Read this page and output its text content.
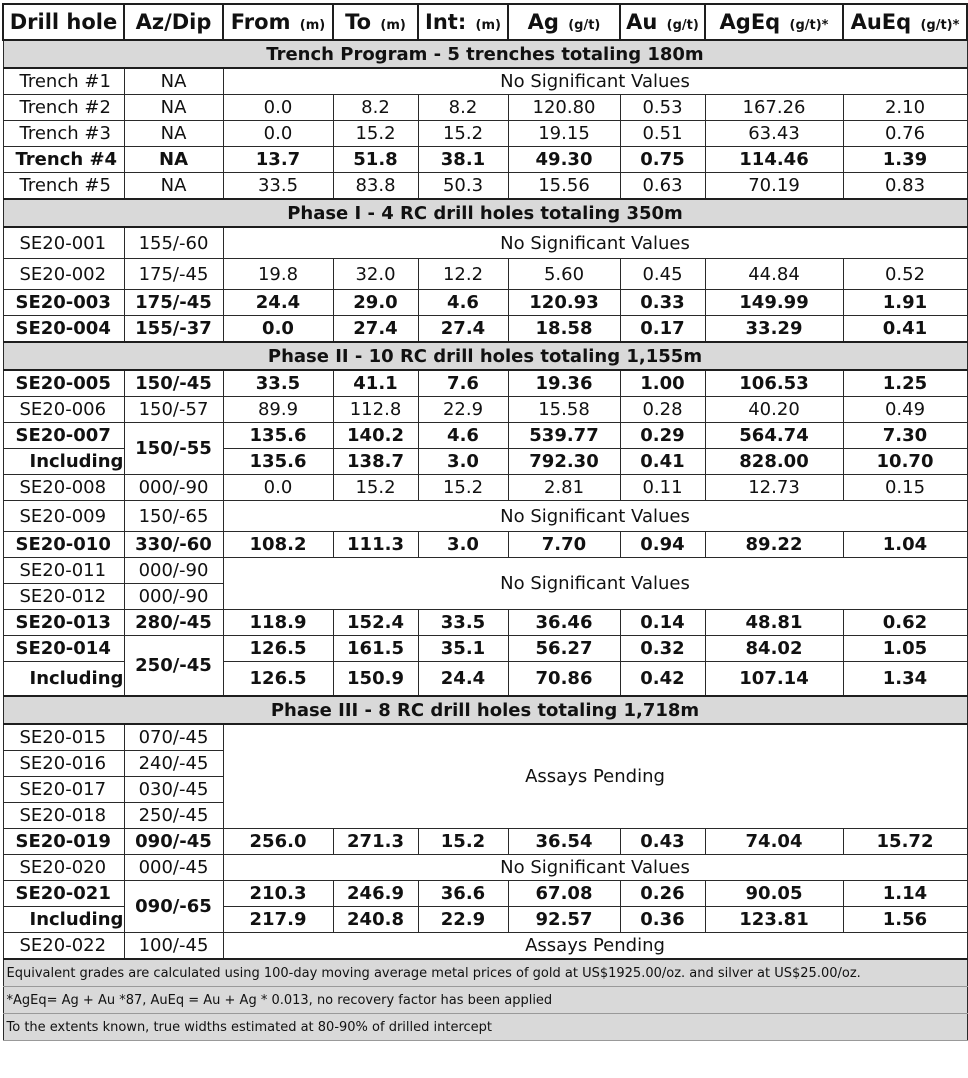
Drill hole	Az/Dip	From (m)	To (m)	Int: (m)	Ag (g/t)	Au (g/t)	AgEq (g/t)*	AuEq (g/t)*
Trench Program - 5 trenches totaling 180m								
Trench #1	NA	No Significant Values						
Trench #2	NA	0.0	8.2	8.2	120.80	0.53	167.26	2.10
Trench #3	NA	0.0	15.2	15.2	19.15	0.51	63.43	0.76
Trench #4	NA	13.7	51.8	38.1	49.30	0.75	114.46	1.39
Trench #5	NA	33.5	83.8	50.3	15.56	0.63	70.19	0.83
Phase I - 4 RC drill holes totaling 350m								
SE20-001	155/-60	No Significant Values						
SE20-002	175/-45	19.8	32.0	12.2	5.60	0.45	44.84	0.52
SE20-003	175/-45	24.4	29.0	4.6	120.93	0.33	149.99	1.91
SE20-004	155/-37	0.0	27.4	27.4	18.58	0.17	33.29	0.41
Phase II - 10 RC drill holes totaling 1,155m								
SE20-005	150/-45	33.5	41.1	7.6	19.36	1.00	106.53	1.25
SE20-006	150/-57	89.9	112.8	22.9	15.58	0.28	40.20	0.49
SE20-007	150/-55	135.6	140.2	4.6	539.77	0.29	564.74	7.30
Including		135.6	138.7	3.0	792.30	0.41	828.00	10.70
SE20-008	000/-90	0.0	15.2	15.2	2.81	0.11	12.73	0.15
SE20-009	150/-65	No Significant Values						
SE20-010	330/-60	108.2	111.3	3.0	7.70	0.94	89.22	1.04
SE20-011	000/-90	No Significant Values						
SE20-012	000/-90							
SE20-013	280/-45	118.9	152.4	33.5	36.46	0.14	48.81	0.62
SE20-014	250/-45	126.5	161.5	35.1	56.27	0.32	84.02	1.05
Including		126.5	150.9	24.4	70.86	0.42	107.14	1.34
Phase III - 8 RC drill holes totaling 1,718m								
SE20-015	070/-45	Assays Pending						
SE20-016	240/-45							
SE20-017	030/-45							
SE20-018	250/-45							
SE20-019	090/-45	256.0	271.3	15.2	36.54	0.43	74.04	15.72
SE20-020	000/-45	No Significant Values						
SE20-021	090/-65	210.3	246.9	36.6	67.08	0.26	90.05	1.14
Including		217.9	240.8	22.9	92.57	0.36	123.81	1.56
SE20-022	100/-45	Assays Pending						
Equivalent grades are calculated using 100-day moving average metal prices of gold at US$1925.00/oz. and silver at US$25.00/oz.								
*AgEq= Ag + Au *87, AuEq = Au + Ag * 0.013, no recovery factor has been applied								
To the extents known, true widths estimated at 80-90% of drilled intercept								
